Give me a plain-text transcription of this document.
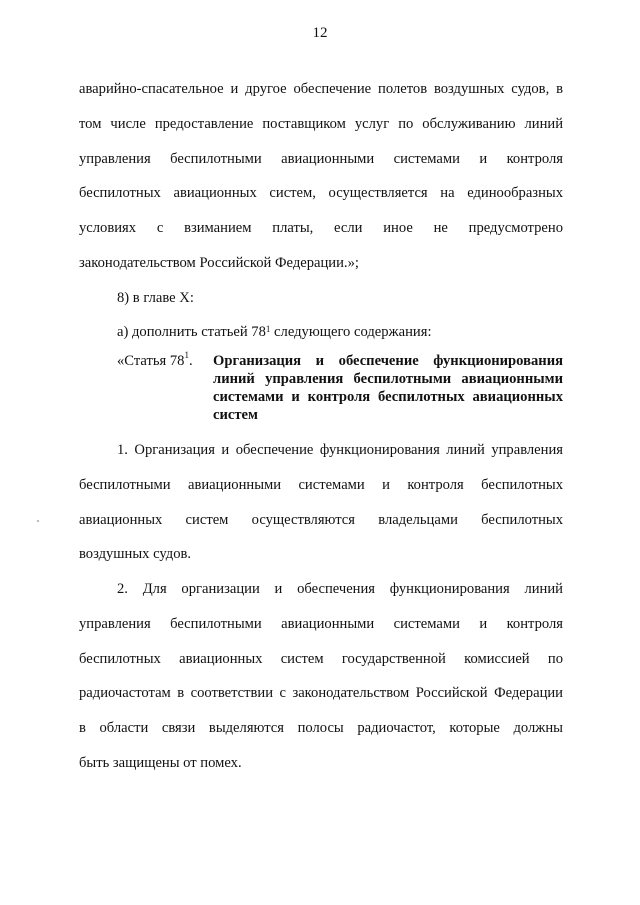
12
аварийно-спасательное и другое обеспечение полетов воздушных судов, в
том числе предоставление поставщиком услуг по обслуживанию линий
управления беспилотными авиационными системами и контроля
беспилотных авиационных систем, осуществляется на единообразных
условиях с взиманием платы, если иное не предусмотрено
законодательством Российской Федерации.»;
8) в главе X:
а) дополнить статьей $78^1$ следующего содержания:
«Статья $78^1$. Организация и обеспечение функционирования
линий управления беспилотными авиационными
системами и контроля беспилотных авиационных
систем
1. Организация и обеспечение функционирования линий управления
беспилотными авиационными системами и контроля беспилотных
авиационных систем осуществляются владельцами беспилотных
воздушных судов.
2. Для организации и обеспечения функционирования линий
управления беспилотными авиационными системами и контроля
беспилотных авиационных систем государственной комиссией по
радиочастотам в соответствии с законодательством Российской Федерации
в области связи выделяются полосы радиочастот, которые должны
быть защищены от помех.
